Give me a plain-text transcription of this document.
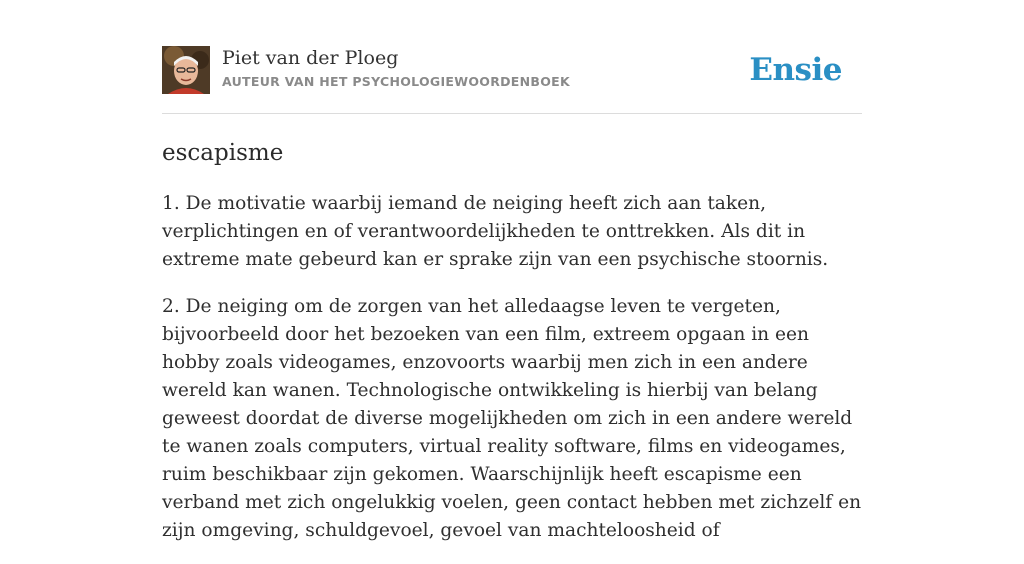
Piet van der Ploeg
AUTEUR VAN HET PSYCHOLOGIEWOORDENBOEK	Ensie
escapisme

1. De motivatie waarbij iemand de neiging heeft zich aan taken, verplichtingen en of verantwoordelijkheden te onttrekken. Als dit in extreme mate gebeurd kan er sprake zijn van een psychische stoornis.

2. De neiging om de zorgen van het alledaagse leven te vergeten, bijvoorbeeld door het bezoeken van een film, extreem opgaan in een hobby zoals videogames, enzovoorts waarbij men zich in een andere wereld kan wanen. Technologische ontwikkeling is hierbij van belang geweest doordat de diverse mogelijkheden om zich in een andere wereld te wanen zoals computers, virtual reality software, films en videogames, ruim beschikbaar zijn gekomen. Waarschijnlijk heeft escapisme een verband met zich ongelukkig voelen, geen contact hebben met zichzelf en zijn omgeving, schuldgevoel, gevoel van machteloosheid of
